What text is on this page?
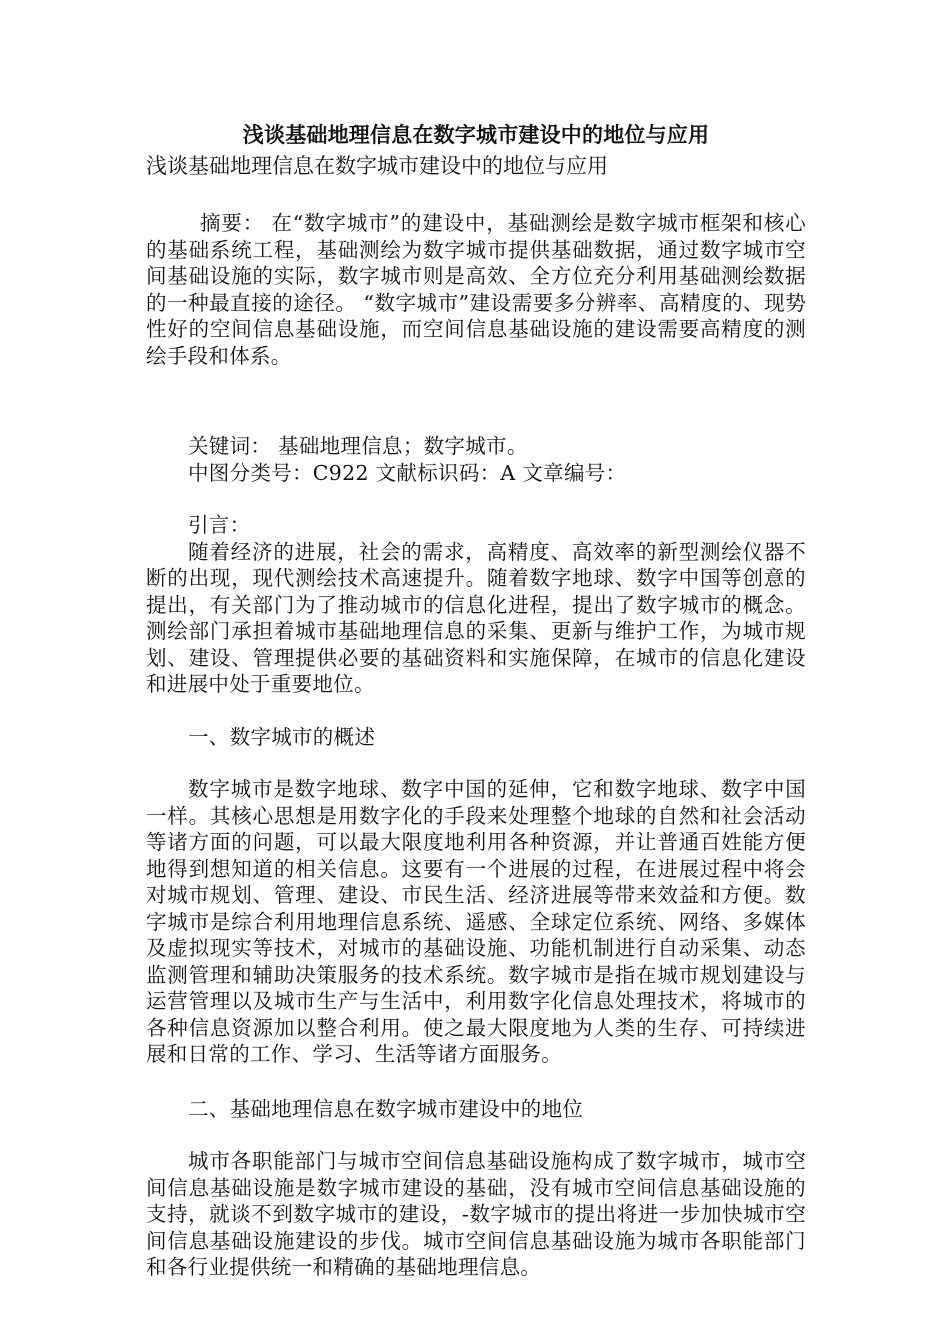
浅谈基础地理信息在数字城市建设中的地位与应用

浅谈基础地理信息在数字城市建设中的地位与应用

摘要： 在“数字城市”的建设中，基础测绘是数字城市框架和核心的基础系统工程，基础测绘为数字城市提供基础数据，通过数字城市空间基础设施的实际，数字城市则是高效、全方位充分利用基础测绘数据的一种最直接的途径。 “数字城市”建设需要多分辨率、高精度的、现势性好的空间信息基础设施，而空间信息基础设施的建设需要高精度的测绘手段和体系。

关键词： 基础地理信息；数字城市。

中图分类号：C922 文献标识码：A 文章编号：

引言：

随着经济的进展，社会的需求，高精度、高效率的新型测绘仪器不断的出现，现代测绘技术高速提升。随着数字地球、数字中国等创意的提出，有关部门为了推动城市的信息化进程，提出了数字城市的概念。测绘部门承担着城市基础地理信息的采集、更新与维护工作，为城市规划、建设、管理提供必要的基础资料和实施保障，在城市的信息化建设和进展中处于重要地位。

一、数字城市的概述

数字城市是数字地球、数字中国的延伸，它和数字地球、数字中国一样。其核心思想是用数字化的手段来处理整个地球的自然和社会活动等诸方面的问题，可以最大限度地利用各种资源，并让普通百姓能方便地得到想知道的相关信息。这要有一个进展的过程，在进展过程中将会对城市规划、管理、建设、市民生活、经济进展等带来效益和方便。数字城市是综合利用地理信息系统、遥感、全球定位系统、网络、多媒体及虚拟现实等技术，对城市的基础设施、功能机制进行自动采集、动态监测管理和辅助决策服务的技术系统。数字城市是指在城市规划建设与运营管理以及城市生产与生活中，利用数字化信息处理技术，将城市的各种信息资源加以整合利用。使之最大限度地为人类的生存、可持续进展和日常的工作、学习、生活等诸方面服务。

二、基础地理信息在数字城市建设中的地位

城市各职能部门与城市空间信息基础设施构成了数字城市，城市空间信息基础设施是数字城市建设的基础，没有城市空间信息基础设施的支持，就谈不到数字城市的建设，-数字城市的提出将进一步加快城市空间信息基础设施建设的步伐。城市空间信息基础设施为城市各职能部门和各行业提供统一和精确的基础地理信息。
